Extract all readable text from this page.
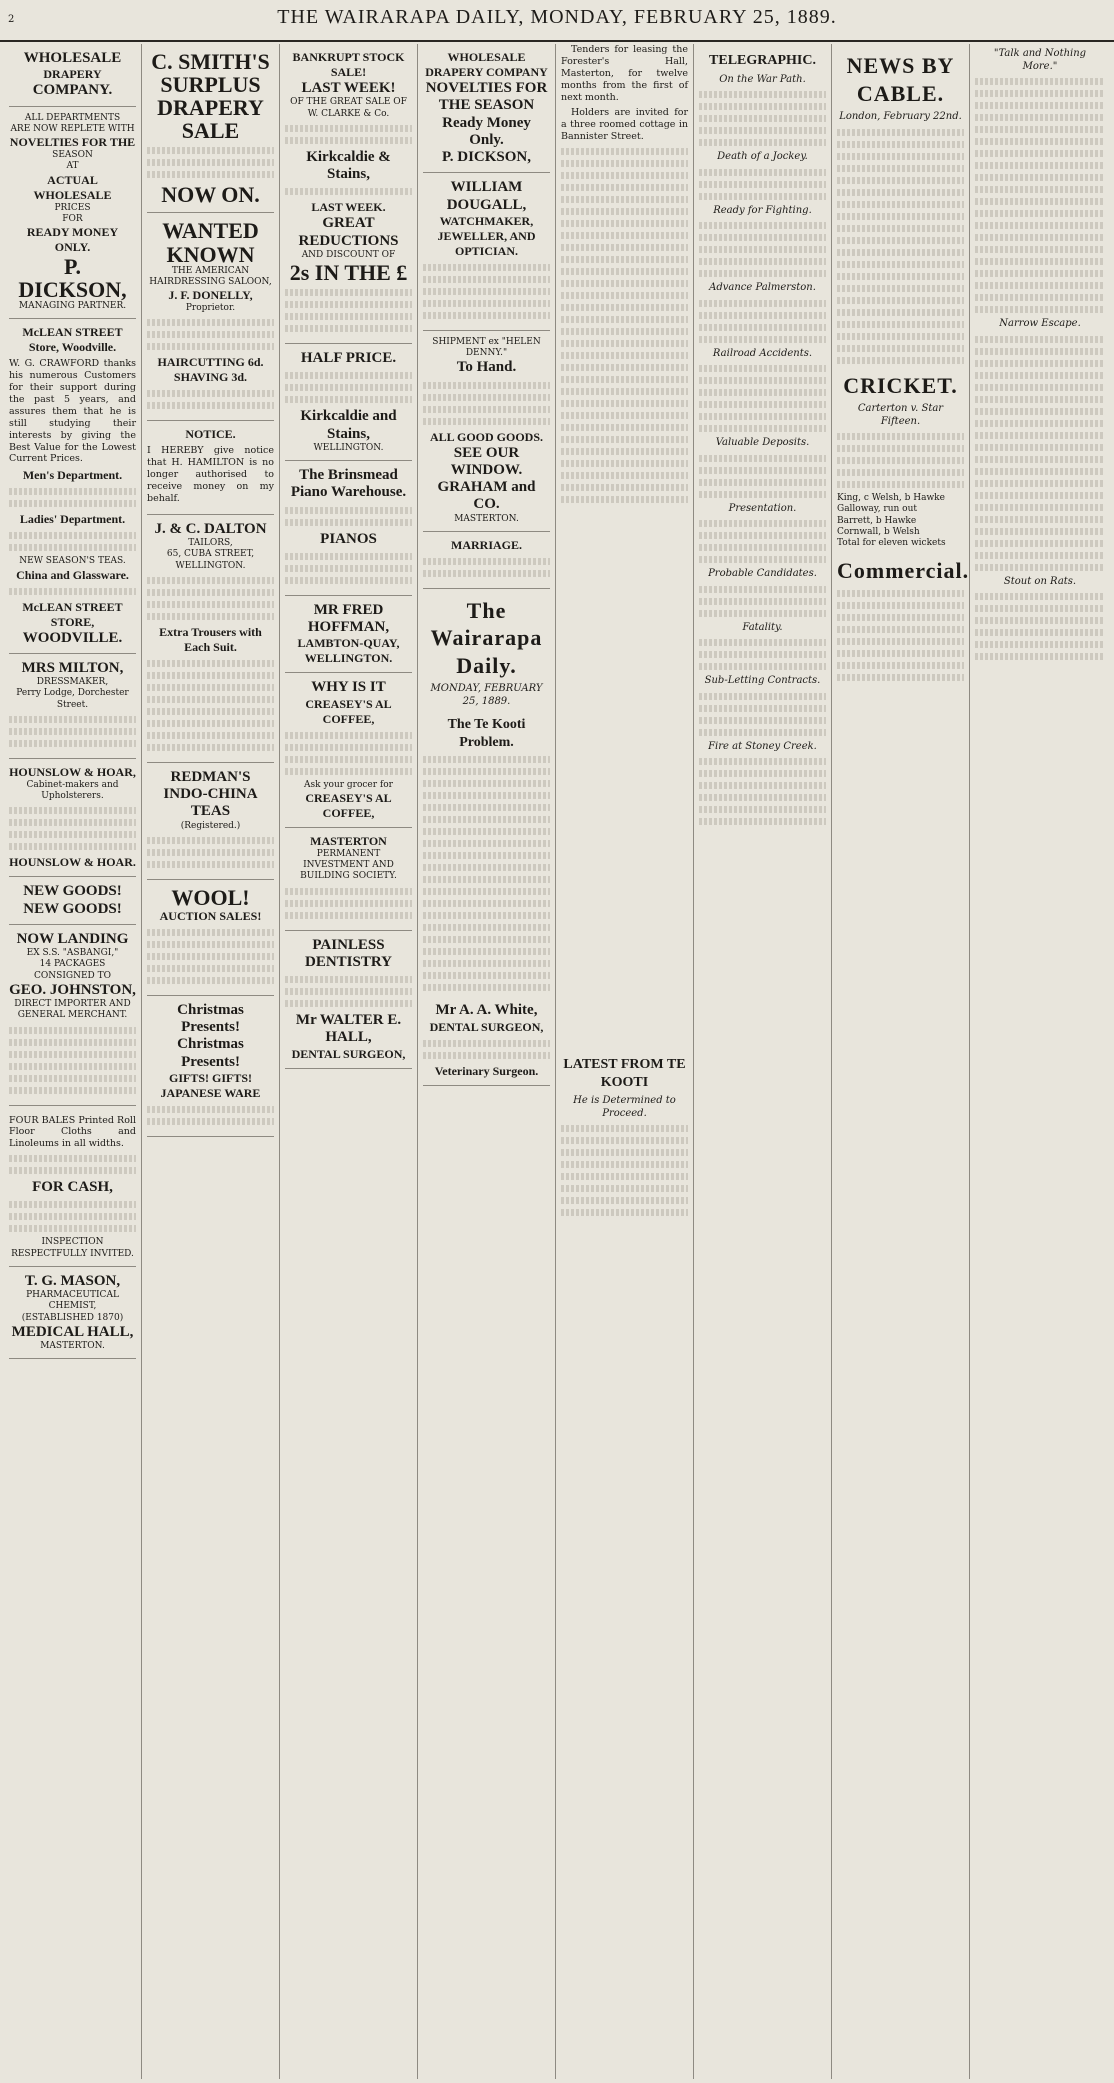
2	THE WAIRARAPA DAILY, MONDAY, FEBRUARY 25, 1889.
WHOLESALE
DRAPERY
COMPANY.
ALL DEPARTMENTS
ARE NOW REPLETE WITH
NOVELTIES FOR THE
SEASON
AT
ACTUAL WHOLESALE
PRICES
FOR
READY MONEY ONLY.
P. DICKSON,
MANAGING PARTNER.
McLEAN STREET Store, Woodville.

W. G. CRAWFORD thanks his numerous Customers for their support during the past 5 years, and assures them that he is still studying their interests by giving the Best Value for the Lowest Current Prices.

Men's Department.
Ladies' Department.
NEW SEASON'S TEAS.
China and Glassware.
McLEAN STREET STORE,
WOODVILLE.
MRS MILTON,
DRESSMAKER,
Perry Lodge, Dorchester Street.
HOUNSLOW & HOAR,
Cabinet-makers and Upholsterers.
HOUNSLOW & HOAR.
NEW GOODS!
NEW GOODS!
NOW LANDING
EX S.S. "ASBANGI,"
14 PACKAGES CONSIGNED TO
GEO. JOHNSTON,
DIRECT IMPORTER AND
GENERAL MERCHANT.

FOUR BALES Printed Roll Floor Cloths and Linoleums in all widths.

FOR CASH,
INSPECTION RESPECTFULLY INVITED.
T. G. MASON,
PHARMACEUTICAL CHEMIST,
(ESTABLISHED 1870)
MEDICAL HALL,
MASTERTON.
C. SMITH'S
SURPLUS
DRAPERY
SALE
NOW ON.
WANTED KNOWN
THE AMERICAN HAIRDRESSING SALOON,
J. F. DONELLY,
Proprietor.
HAIRCUTTING 6d. SHAVING 3d.
NOTICE.

I HEREBY give notice that H. HAMILTON is no longer authorised to receive money on my behalf.

J. & C. DALTON
TAILORS,
65, CUBA STREET, WELLINGTON.
Extra Trousers with Each Suit.
REDMAN'S
INDO-CHINA TEAS
(Registered.)
WOOL!
AUCTION SALES!
Christmas Presents!
Christmas Presents!
GIFTS! GIFTS!
JAPANESE WARE
BANKRUPT STOCK SALE!
LAST WEEK!
OF THE GREAT SALE OF W. CLARKE & Co.
Kirkcaldie & Stains,
LAST WEEK.
GREAT REDUCTIONS
AND DISCOUNT OF
2s IN THE £
HALF PRICE.
Kirkcaldie and Stains,
WELLINGTON.
The Brinsmead Piano Warehouse.
PIANOS
MR FRED HOFFMAN,
LAMBTON-QUAY,
WELLINGTON.
WHY IS IT
CREASEY'S AL COFFEE,
Ask your grocer for
CREASEY'S AL COFFEE,
MASTERTON
PERMANENT INVESTMENT AND BUILDING SOCIETY.
PAINLESS DENTISTRY
Mr WALTER E. HALL,
DENTAL SURGEON,
WHOLESALE DRAPERY COMPANY
NOVELTIES FOR THE SEASON
Ready Money Only.
P. DICKSON,
WILLIAM DOUGALL,
WATCHMAKER, JEWELLER, AND OPTICIAN.
SHIPMENT ex "HELEN DENNY."
To Hand.
ALL GOOD GOODS.
SEE OUR WINDOW.
GRAHAM and CO.
MASTERTON.
MARRIAGE.
The Wairarapa Daily.
MONDAY, FEBRUARY 25, 1889.
The Te Kooti Problem.
Mr A. A. White,
DENTAL SURGEON,
Veterinary Surgeon.

Tenders for leasing the Forester's Hall, Masterton, for twelve months from the first of next month.

Holders are invited for a three roomed cottage in Bannister Street.

LATEST FROM TE KOOTI
He is Determined to Proceed.
TELEGRAPHIC.
On the War Path.
Death of a Jockey.
Ready for Fighting.
Advance Palmerston.
Railroad Accidents.
Valuable Deposits.
Presentation.
Probable Candidates.
Fatality.
Sub-Letting Contracts.
Fire at Stoney Creek.
NEWS BY CABLE.
London, February 22nd.
CRICKET.
Carterton v. Star Fifteen.

King, c Welsh, b Hawke

Galloway, run out

Barrett, b Hawke

Cornwall, b Welsh

Total for eleven wickets

Commercial.
"Talk and Nothing More."
Narrow Escape.
Stout on Rats.
